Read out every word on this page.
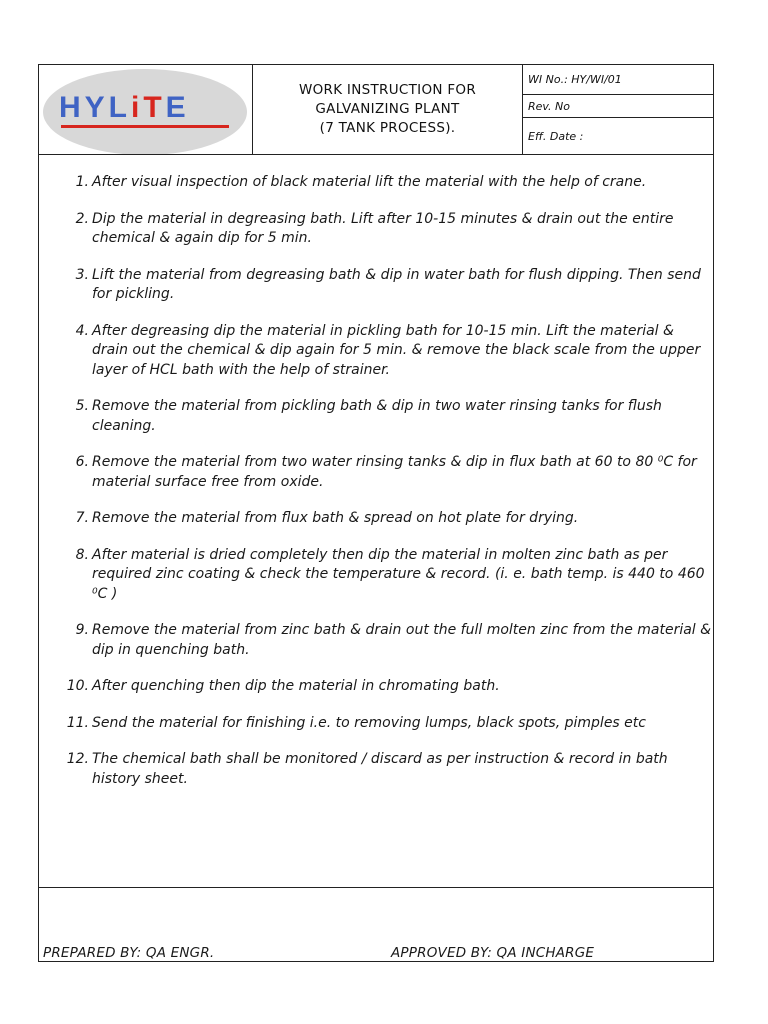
HYLiTE
WORK INSTRUCTION FOR
GALVANIZING PLANT
(7 TANK PROCESS).
WI No.: HY/WI/01
Rev. No
Eff. Date :
1. After visual inspection of black material lift the material with the help of crane.
2. Dip the material in degreasing bath. Lift after 10-15 minutes & drain out the entire chemical & again dip for 5 min.
3. Lift the material from degreasing bath & dip in water bath for flush dipping. Then send for pickling.
4. After degreasing dip the material in pickling bath for 10-15 min. Lift the material & drain out the chemical & dip again for 5 min. & remove the black scale from the upper layer of HCL bath with the help of strainer.
5. Remove the material from pickling bath & dip in two water rinsing tanks for flush cleaning.
6. Remove the material from two water rinsing tanks & dip in flux bath at 60 to 80 ⁰C for material surface free from oxide.
7. Remove the material from flux bath & spread on hot plate for drying.
8. After material is dried completely then dip the material in molten zinc bath as per required zinc coating & check the temperature & record. (i. e. bath temp. is 440 to 460 ⁰C )
9. Remove the material from zinc bath & drain out the full molten zinc from the material & dip in quenching bath.
10. After quenching then dip the material in chromating bath.
11. Send the material for finishing i.e. to removing lumps, black spots, pimples etc
12. The chemical bath shall be monitored / discard as per instruction & record in bath history sheet.
PREPARED BY: QA ENGR.	APPROVED BY: QA INCHARGE
